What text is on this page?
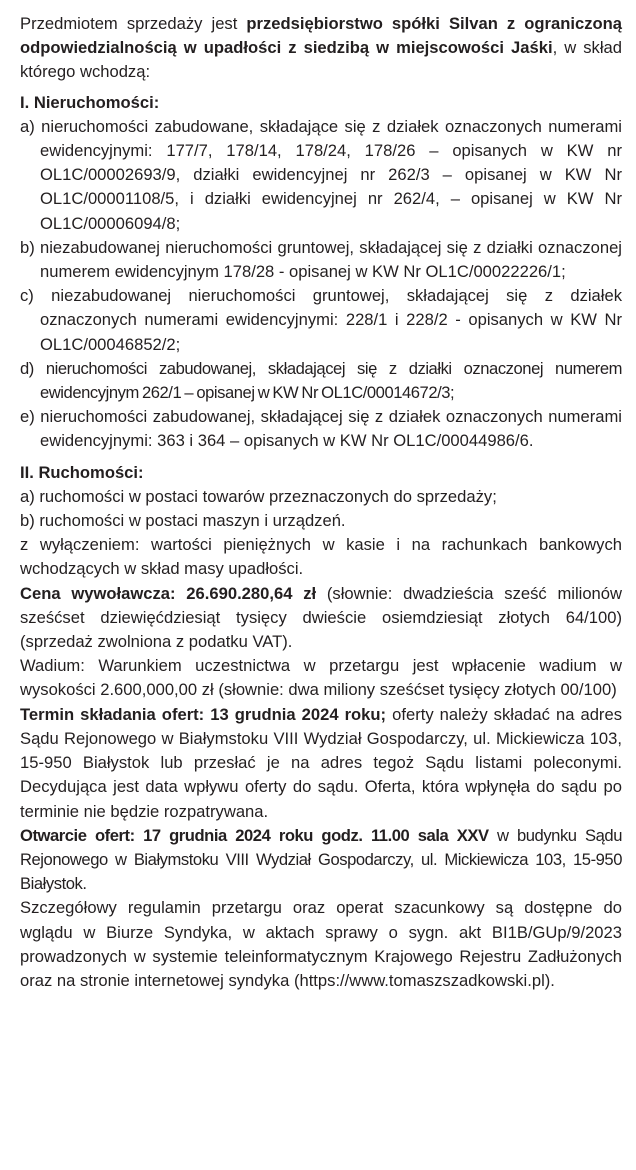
Przedmiotem sprzedaży jest przedsiębiorstwo spółki Silvan z ograniczoną odpowiedzialnością w upadłości z siedzibą w miejscowości Jaśki, w skład którego wchodzą:

I. Nieruchomości:

a) nieruchomości zabudowane, składające się z działek oznaczonych numerami ewidencyjnymi: 177/7, 178/14, 178/24, 178/26 – opisanych w KW nr OL1C/00002693/9, działki ewidencyjnej nr 262/3 – opisanej w KW Nr OL1C/00001108/5, i działki ewidencyjnej nr 262/4, – opisanej w KW Nr OL1C/00006094/8;

b) niezabudowanej nieruchomości gruntowej, składającej się z działki oznaczonej numerem ewidencyjnym 178/28 - opisanej w KW Nr OL1C/00022226/1;

c) niezabudowanej nieruchomości gruntowej, składającej się z działek oznaczonych numerami ewidencyjnymi: 228/1 i 228/2 - opisanych w KW Nr OL1C/00046852/2;

d) nieruchomości zabudowanej, składającej się z działki oznaczonej numerem ewidencyjnym 262/1 – opisanej w KW Nr OL1C/00014672/3;

e) nieruchomości zabudowanej, składającej się z działek oznaczonych numerami ewidencyjnymi: 363 i 364 – opisanych w KW Nr OL1C/00044986/6.

II. Ruchomości:

a) ruchomości w postaci towarów przeznaczonych do sprzedaży;

b) ruchomości w postaci maszyn i urządzeń.

z wyłączeniem: wartości pieniężnych w kasie i na rachunkach bankowych wchodzących w skład masy upadłości.

Cena wywoławcza: 26.690.280,64 zł (słownie: dwadzieścia sześć milionów sześćset dziewięćdziesiąt tysięcy dwieście osiemdziesiąt złotych 64/100) (sprzedaż zwolniona z podatku VAT).

Wadium: Warunkiem uczestnictwa w przetargu jest wpłacenie wadium w wysokości 2.600,000,00 zł (słownie: dwa miliony sześćset tysięcy złotych 00/100)

Termin składania ofert: 13 grudnia 2024 roku; oferty należy składać na adres Sądu Rejonowego w Białymstoku VIII Wydział Gospodarczy, ul. Mickiewicza 103, 15-950 Białystok lub przesłać je na adres tegoż Sądu listami poleconymi. Decydująca jest data wpływu oferty do sądu. Oferta, która wpłynęła do sądu po terminie nie będzie rozpatrywana.

Otwarcie ofert: 17 grudnia 2024 roku godz. 11.00 sala XXV w budynku Sądu Rejonowego w Białymstoku VIII Wydział Gospodarczy, ul. Mickiewicza 103, 15-950 Białystok.

Szczegółowy regulamin przetargu oraz operat szacunkowy są dostępne do wglądu w Biurze Syndyka, w aktach sprawy o sygn. akt BI1B/GUp/9/2023 prowadzonych w systemie teleinformatycznym Krajowego Rejestru Zadłużonych oraz na stronie internetowej syndyka (https://www.tomaszszadkowski.pl).
